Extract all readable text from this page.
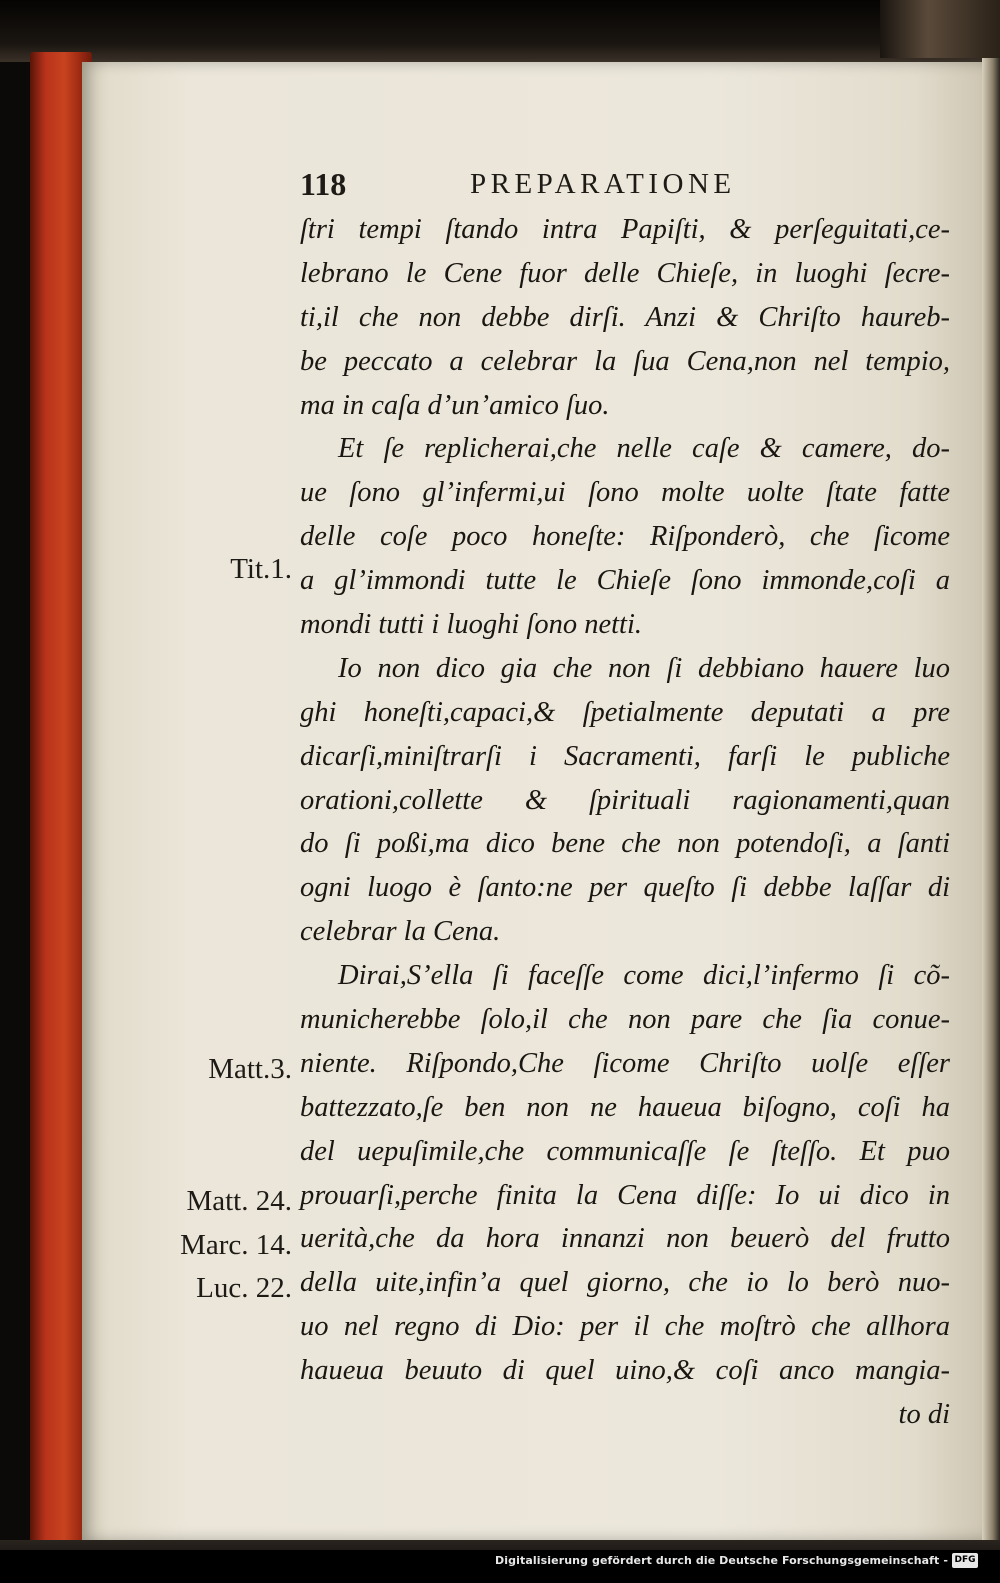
118	PREPARATIONE
ſtri tempi ſtando intra Papiſti, & perſeguitati,ce-
lebrano le Cene fuor delle Chieſe, in luoghi ſecre-
ti,il che non debbe dirſi. Anzi & Chriſto haureb-
be peccato a celebrar la ſua Cena,non nel tempio,
ma in caſa d’un’amico ſuo.
Et ſe replicherai,che nelle caſe & camere, do-
ue ſono gl’infermi,ui ſono molte uolte ſtate fatte
delle coſe poco honeſte: Riſponderò, che ſicome
a gl’immondi tutte le Chieſe ſono immonde,coſi a
mondi tutti i luoghi ſono netti.
Io non dico gia che non ſi debbiano hauere luo
ghi honeſti,capaci,& ſpetialmente deputati a pre
dicarſi,miniſtrarſi i Sacramenti, farſi le publiche
orationi,collette & ſpirituali ragionamenti,quan
do ſi poßi,ma dico bene che non potendoſi, a ſanti
ogni luogo è ſanto:ne per queſto ſi debbe laſſar di
celebrar la Cena.
Dirai,S’ella ſi faceſſe come dici,l’infermo ſi cõ-
municherebbe ſolo,il che non pare che ſia conue-
niente. Riſpondo,Che ſicome Chriſto uolſe eſſer
battezzato,ſe ben non ne haueua biſogno, coſi ha
del uериſimile,che communicaſſe ſe ſteſſo. Et puo
prouarſi,perche finita la Cena diſſe: Io ui dico in
uerità,che da hora innanzi non beuerò del frutto
della uite,infin’a quel giorno, che io lo berò nuo-
uo nel regno di Dio: per il che moſtrò che allhora
haueua beuuto di quel uino,& coſi anco mangia-
to di
Tit.1.
Matt.3.
Matt. 24.
Marc. 14.
Luc. 22.
Digitalisierung gefördert durch die Deutsche Forschungsgemeinschaft - DFG
